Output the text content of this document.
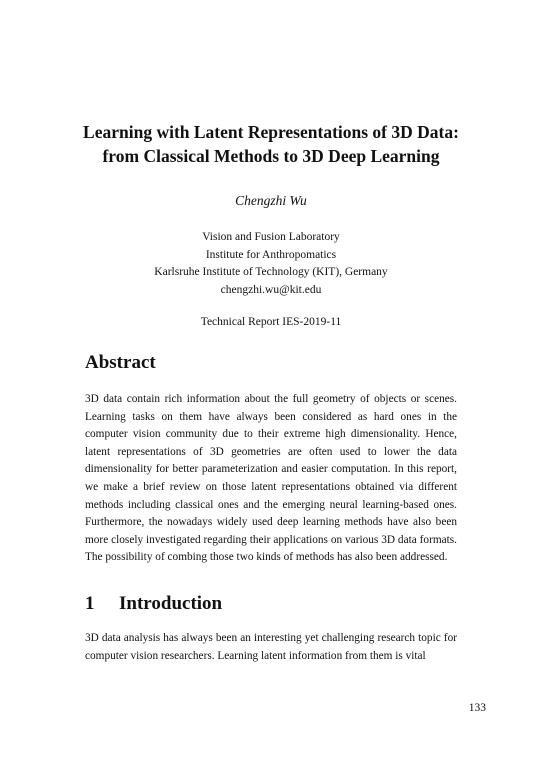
Learning with Latent Representations of 3D Data:
from Classical Methods to 3D Deep Learning

Chengzhi Wu

Vision and Fusion Laboratory
Institute for Anthropomatics
Karlsruhe Institute of Technology (KIT), Germany
chengzhi.wu@kit.edu

Technical Report IES-2019-11

Abstract

3D data contain rich information about the full geometry of objects or scenes. Learning tasks on them have always been considered as hard ones in the computer vision community due to their extreme high dimensionality. Hence, latent representations of 3D geometries are often used to lower the data dimensionality for better parameterization and easier computation. In this report, we make a brief review on those latent representations obtained via different methods including classical ones and the emerging neural learning-based ones. Furthermore, the nowadays widely used deep learning methods have also been more closely investigated regarding their applications on various 3D data formats. The possibility of combing those two kinds of methods has also been addressed.

1 Introduction

3D data analysis has always been an interesting yet challenging research topic for computer vision researchers. Learning latent information from them is vital

133
